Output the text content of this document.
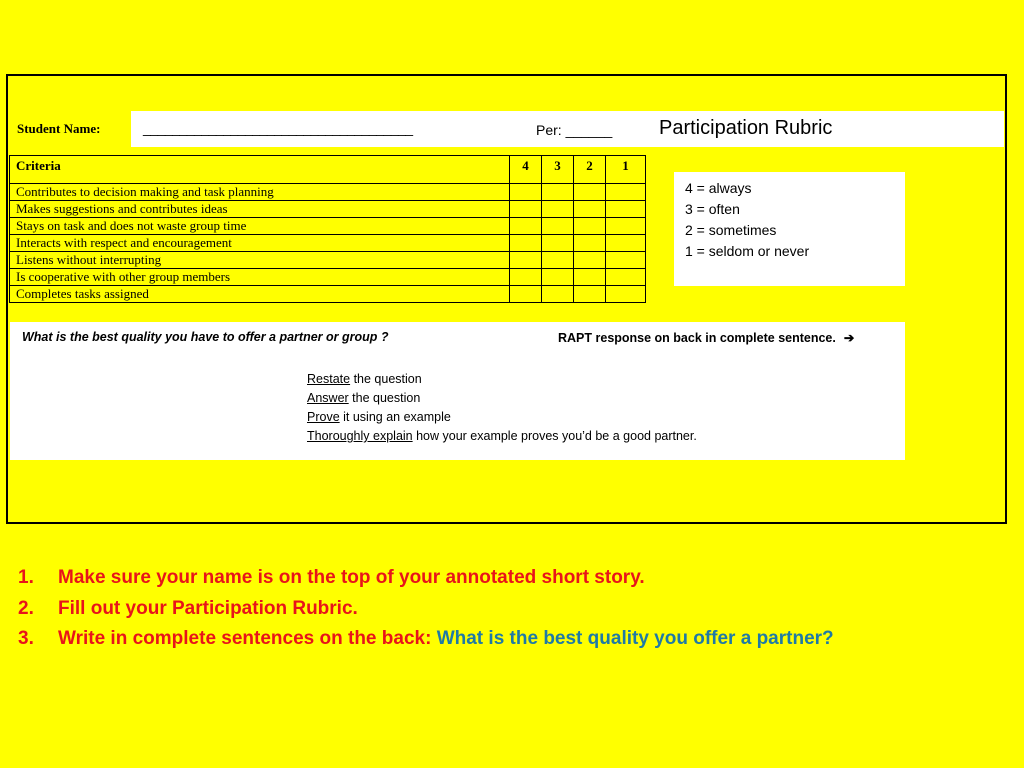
Student Name:	_____________________________________	Per: ______ Participation Rubric
Criteria	4	3	2	1
Contributes to decision making and task planning				
Makes suggestions and contributes ideas				
Stays on task and does not waste group time				
Interacts with respect and encouragement				
Listens without interrupting				
Is cooperative with other group members				
Completes tasks assigned				
4 = always
3 = often
2 = sometimes
1 = seldom or never
What is the best quality you have to offer a partner or group ?	RAPT response on back in complete sentence. ➔
Restate the question
Answer the question
Prove it using an example
Thoroughly explain how your example proves you’d be a good partner.
1. Make sure your name is on the top of your annotated short story.
2. Fill out your Participation Rubric.
3. Write in complete sentences on the back: What is the best quality you offer a partner?
